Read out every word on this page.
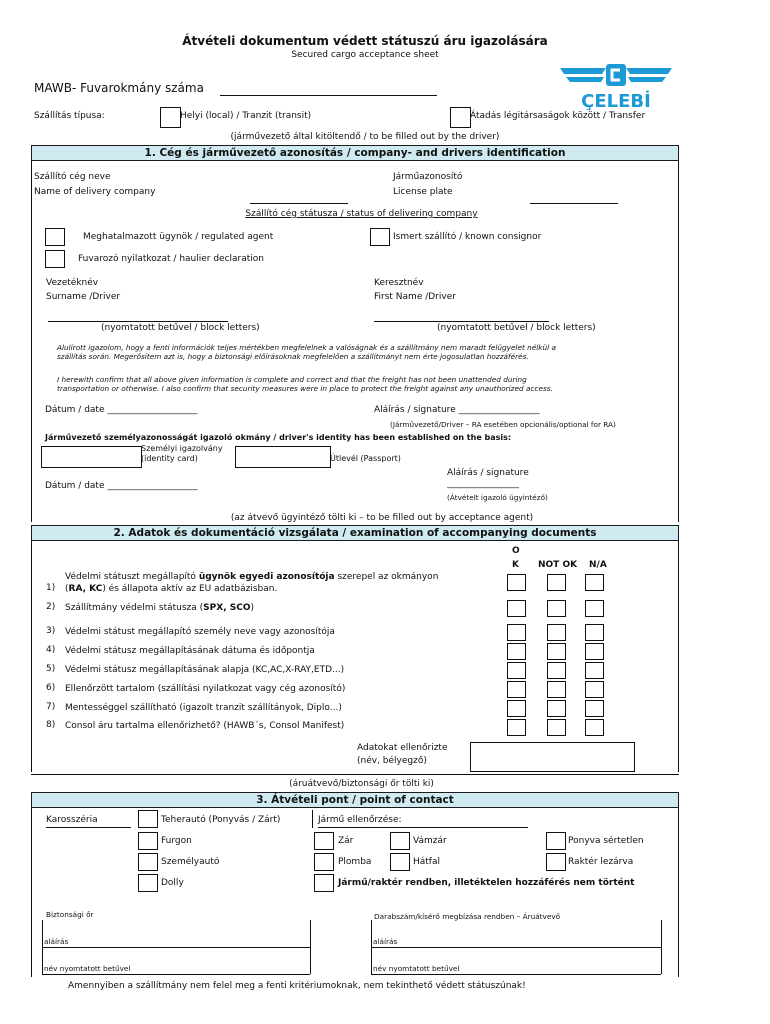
Átvételi dokumentum védett státuszú áru igazolására
Secured cargo acceptance sheet
MAWB- Fuvarokmány száma
ÇELEBİ
Szállítás típusa:	Helyi (local) / Tranzit (transit)	Átadás légitársaságok között / Transfer
(járművezető által kitöltendő / to be filled out by the driver)
1. Cég és járművezető azonosítás / company- and drivers identification
Szállító cég neve
Name of delivery company
Járműazonosító
License plate
Szállító cég státusza / status of delivering company
Meghatalmazott ügynök / regulated agent	Ismert szállító / known consignor
Fuvarozó nyilatkozat / haulier declaration
Vezetéknév
Surname /Driver
Keresztnév
First Name /Driver
(nyomtatott betűvel / block letters)	(nyomtatott betűvel / block letters)
Alulírott igazolom, hogy a fenti információk teljes mértékben megfelelnek a valóságnak és a szállítmány nem maradt felügyelet nélkül a
szállítás során. Megerősítem azt is, hogy a biztonsági előírásoknak megfelelően a szállítmányt nem érte jogosulatlan hozzáférés.
I herewith confirm that all above given information is complete and correct and that the freight has not been unattended during
transportation or otherwise. I also confirm that security measures were in place to protect the freight against any unauthorized access.
Dátum / date ____________________	Aláírás / signature __________________
(Járművezető/Driver – RA esetében opcionális/optional for RA)
Járművezető személyazonosságát igazoló okmány / driver's identity has been established on the basis:
Személyi igazolvány
(identity card)	Útlevél (Passport)
Aláírás / signature
________________
Dátum / date ____________________
(Átvételt igazoló ügyintéző)
(az átvevő ügyintéző tölti ki – to be filled out by acceptance agent)
2. Adatok és dokumentáció vizsgálata / examination of accompanying documents
O
K NOT OK N/A
Védelmi státuszt megállapító ügynök egyedi azonosítója szerepel az okmányon
1) (RA, KC) és állapota aktív az EU adatbázisban.
2) Szállítmány védelmi státusza (SPX, SCO)
3) Védelmi státust megállapító személy neve vagy azonosítója
4) Védelmi státusz megállapításának dátuma és időpontja
5) Védelmi státusz megállapításának alapja (KC,AC,X-RAY,ETD...)
6) Ellenőrzött tartalom (szállítási nyilatkozat vagy cég azonosító)
7) Mentességgel szállítható (igazolt tranzit szállítányok, Diplo...)
8) Consol áru tartalma ellenőrizhető? (HAWB´s, Consol Manifest)
Adatokat ellenőrizte
(név, bélyegző)
(áruátvevő/biztonsági őr tölti ki)
3. Átvételi pont / point of contact
Karosszéria	Teherautó (Ponyvás / Zárt)	Jármű ellenőrzése:
Furgon	Zár	Vámzár	Ponyva sértetlen
Személyautó	Plomba	Hátfal	Raktér lezárva
Dolly	Jármű/raktér rendben, illetéktelen hozzáférés nem történt
Biztonsági őr	Darabszám/kísérő megbízása rendben – Áruátvevő
aláírás	aláírás
név nyomtatott betűvel	név nyomtatott betűvel
Amennyiben a szállítmány nem felel meg a fenti kritériumoknak, nem tekinthető védett státuszúnak!
